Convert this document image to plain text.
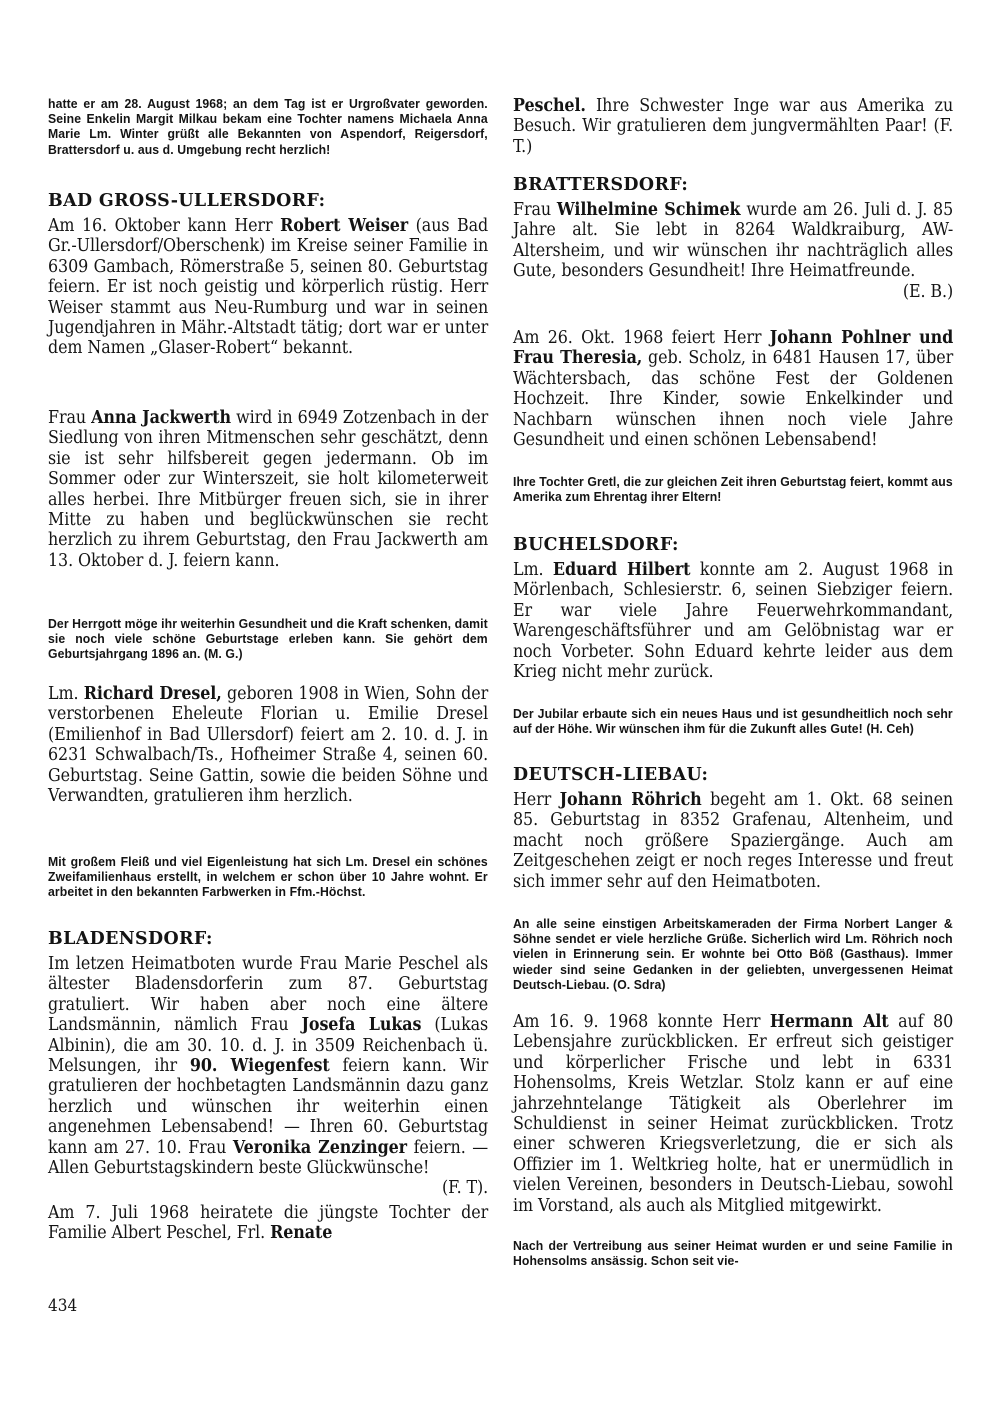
hatte er am 28. August 1968; an dem Tag ist er Urgroßvater geworden. Seine Enkelin Margit Milkau bekam eine Tochter namens Michaela Anna Marie Lm. Winter grüßt alle Bekannten von Aspendorf, Reigersdorf, Brattersdorf u. aus d. Umgebung recht herzlich!

BAD GROSS-ULLERSDORF:

Am 16. Oktober kann Herr Robert Weiser (aus Bad Gr.-Ullersdorf/Oberschenk) im Kreise seiner Familie in 6309 Gambach, Römerstraße 5, seinen 80. Geburtstag feiern. Er ist noch geistig und körperlich rüstig. Herr Weiser stammt aus Neu-Rumburg und war in seinen Jugendjahren in Mähr.-Altstadt tätig; dort war er unter dem Namen „Glaser-Robert“ bekannt.

Frau Anna Jackwerth wird in 6949 Zotzenbach in der Siedlung von ihren Mitmenschen sehr geschätzt, denn sie ist sehr hilfsbereit gegen jedermann. Ob im Sommer oder zur Winterszeit, sie holt kilometerweit alles herbei. Ihre Mitbürger freuen sich, sie in ihrer Mitte zu haben und beglückwünschen sie recht herzlich zu ihrem Geburtstag, den Frau Jackwerth am 13. Oktober d. J. feiern kann.

Der Herrgott möge ihr weiterhin Gesundheit und die Kraft schenken, damit sie noch viele schöne Geburtstage erleben kann. Sie gehört dem Geburtsjahrgang 1896 an. (M. G.)

Lm. Richard Dresel, geboren 1908 in Wien, Sohn der verstorbenen Eheleute Florian u. Emilie Dresel (Emilienhof in Bad Ullersdorf) feiert am 2. 10. d. J. in 6231 Schwalbach/Ts., Hofheimer Straße 4, seinen 60. Geburtstag. Seine Gattin, sowie die beiden Söhne und Verwandten, gratulieren ihm herzlich.

Mit großem Fleiß und viel Eigenleistung hat sich Lm. Dresel ein schönes Zweifamilienhaus erstellt, in welchem er schon über 10 Jahre wohnt. Er arbeitet in den bekannten Farbwerken in Ffm.-Höchst.

BLADENSDORF:

Im letzen Heimatboten wurde Frau Marie Peschel als ältester Bladensdorferin zum 87. Geburtstag gratuliert. Wir haben aber noch eine ältere Landsmännin, nämlich Frau Josefa Lukas (Lukas Albinin), die am 30. 10. d. J. in 3509 Reichenbach ü. Melsungen, ihr 90. Wiegenfest feiern kann. Wir gratulieren der hochbetagten Landsmännin dazu ganz herzlich und wünschen ihr weiterhin einen angenehmen Lebensabend! — Ihren 60. Geburtstag kann am 27. 10. Frau Veronika Zenzinger feiern. — Allen Geburtstagskindern beste Glückwünsche!
(F. T).

Am 7. Juli 1968 heiratete die jüngste Tochter der Familie Albert Peschel, Frl. Renate

Peschel. Ihre Schwester Inge war aus Amerika zu Besuch. Wir gratulieren dem jungvermählten Paar! (F. T.)

BRATTERSDORF:

Frau Wilhelmine Schimek wurde am 26. Juli d. J. 85 Jahre alt. Sie lebt in 8264 Waldkraiburg, AW-Altersheim, und wir wünschen ihr nachträglich alles Gute, besonders Gesundheit! Ihre Heimatfreunde.
(E. B.)

Am 26. Okt. 1968 feiert Herr Johann Pohlner und Frau Theresia, geb. Scholz, in 6481 Hausen 17, über Wächtersbach, das schöne Fest der Goldenen Hochzeit. Ihre Kinder, sowie Enkelkinder und Nachbarn wünschen ihnen noch viele Jahre Gesundheit und einen schönen Lebensabend!

Ihre Tochter Gretl, die zur gleichen Zeit ihren Geburtstag feiert, kommt aus Amerika zum Ehrentag ihrer Eltern!

BUCHELSDORF:

Lm. Eduard Hilbert konnte am 2. August 1968 in Mörlenbach, Schlesierstr. 6, seinen Siebziger feiern. Er war viele Jahre Feuerwehrkommandant, Warengeschäftsführer und am Gelöbnistag war er noch Vorbeter. Sohn Eduard kehrte leider aus dem Krieg nicht mehr zurück.

Der Jubilar erbaute sich ein neues Haus und ist gesundheitlich noch sehr auf der Höhe. Wir wünschen ihm für die Zukunft alles Gute! (H. Ceh)

DEUTSCH-LIEBAU:

Herr Johann Röhrich begeht am 1. Okt. 68 seinen 85. Geburtstag in 8352 Grafenau, Altenheim, und macht noch größere Spaziergänge. Auch am Zeitgeschehen zeigt er noch reges Interesse und freut sich immer sehr auf den Heimatboten.

An alle seine einstigen Arbeitskameraden der Firma Norbert Langer & Söhne sendet er viele herzliche Grüße. Sicherlich wird Lm. Röhrich noch vielen in Erinnerung sein. Er wohnte bei Otto Böß (Gasthaus). Immer wieder sind seine Gedanken in der geliebten, unvergessenen Heimat Deutsch-Liebau. (O. Sdra)

Am 16. 9. 1968 konnte Herr Hermann Alt auf 80 Lebensjahre zurückblicken. Er erfreut sich geistiger und körperlicher Frische und lebt in 6331 Hohensolms, Kreis Wetzlar. Stolz kann er auf eine jahrzehntelange Tätigkeit als Oberlehrer im Schuldienst in seiner Heimat zurückblicken. Trotz einer schweren Kriegsverletzung, die er sich als Offizier im 1. Weltkrieg holte, hat er unermüdlich in vielen Vereinen, besonders in Deutsch-Liebau, sowohl im Vorstand, als auch als Mitglied mitgewirkt.

Nach der Vertreibung aus seiner Heimat wurden er und seine Familie in Hohensolms ansässig. Schon seit vie-

434
